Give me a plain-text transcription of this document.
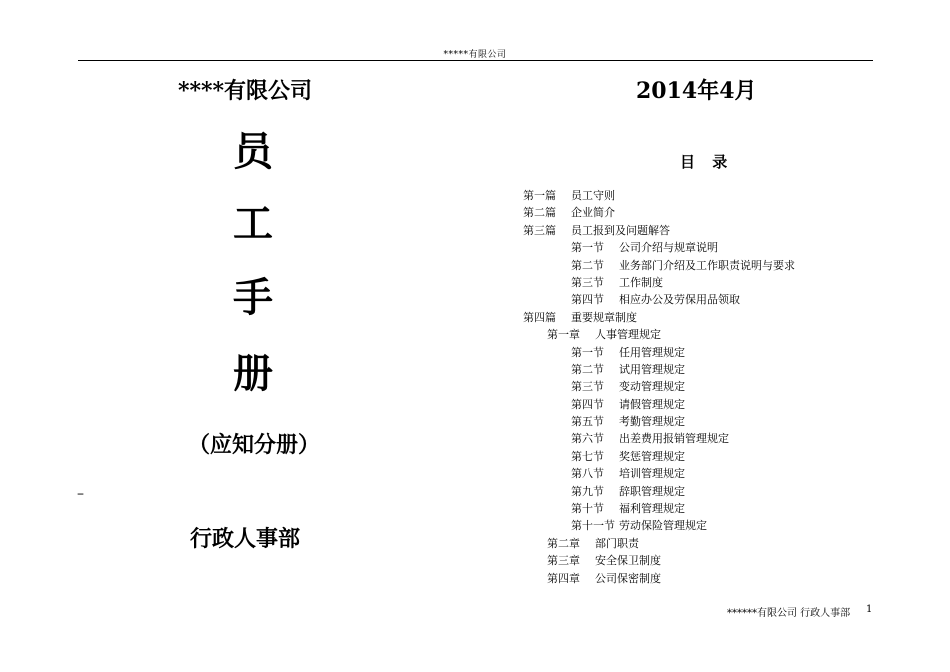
*****有限公司
****有限公司	2014年4月
员
工
手
册
（应知分册）
–
行政人事部
目 录
第一篇 员工守则
第二篇 企业简介
第三篇 员工报到及问题解答
第一节 公司介绍与规章说明
第二节 业务部门介绍及工作职责说明与要求
第三节 工作制度
第四节 相应办公及劳保用品领取
第四篇 重要规章制度
第一章 人事管理规定
第一节 任用管理规定
第二节 试用管理规定
第三节 变动管理规定
第四节 请假管理规定
第五节 考勤管理规定
第六节 出差费用报销管理规定
第七节 奖惩管理规定
第八节 培训管理规定
第九节 辞职管理规定
第十节 福利管理规定
第十一节 劳动保险管理规定
第二章 部门职责
第三章 安全保卫制度
第四章 公司保密制度
******有限公司 行政人事部 1
